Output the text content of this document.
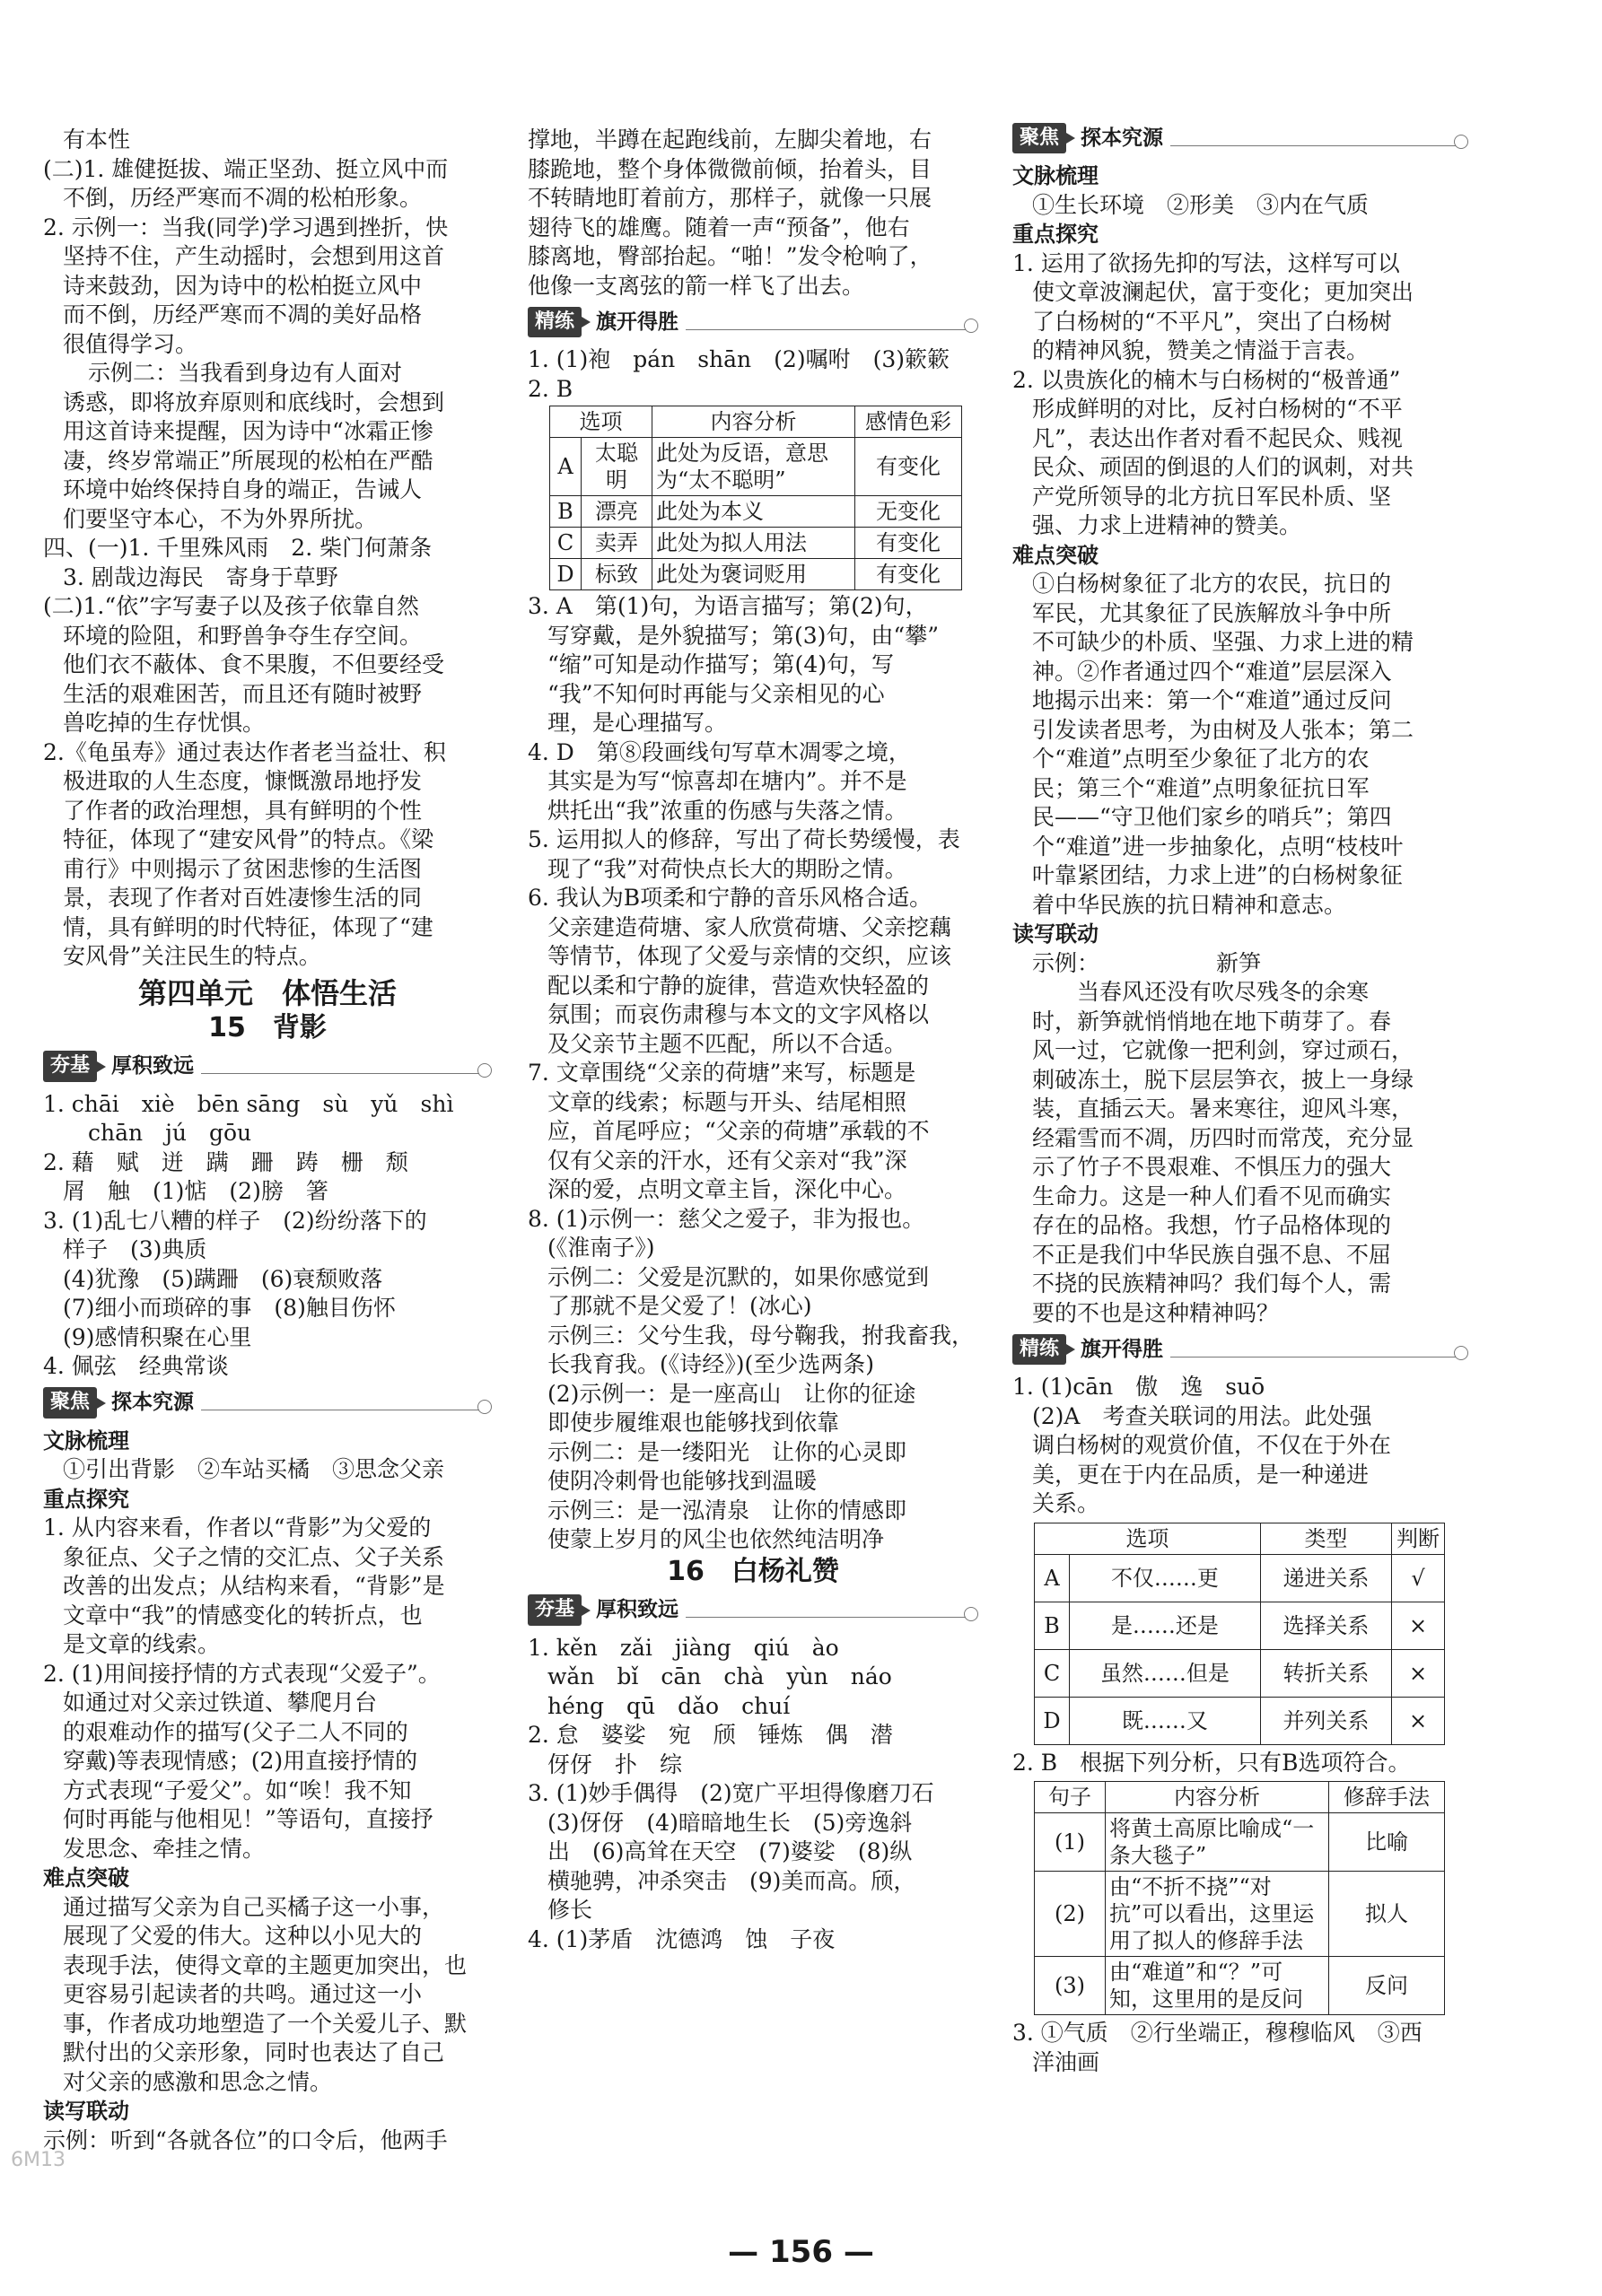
有本性

(二)1. 雄健挺拔、端正坚劲、挺立风中而

不倒，历经严寒而不凋的松柏形象。

2. 示例一：当我(同学)学习遇到挫折，快

坚持不住，产生动摇时，会想到用这首

诗来鼓劲，因为诗中的松柏挺立风中

而不倒，历经严寒而不凋的美好品格

很值得学习。

示例二：当我看到身边有人面对

诱惑，即将放弃原则和底线时，会想到

用这首诗来提醒，因为诗中“冰霜正惨

凄，终岁常端正”所展现的松柏在严酷

环境中始终保持自身的端正，告诫人

们要坚守本心，不为外界所扰。

四、(一)1. 千里殊风雨　2. 柴门何萧条

3. 剧哉边海民　寄身于草野

(二)1.“依”字写妻子以及孩子依靠自然

环境的险阻，和野兽争夺生存空间。

他们衣不蔽体、食不果腹，不但要经受

生活的艰难困苦，而且还有随时被野

兽吃掉的生存忧惧。

2.《龟虽寿》通过表达作者老当益壮、积

极进取的人生态度，慷慨激昂地抒发

了作者的政治理想，具有鲜明的个性

特征，体现了“建安风骨”的特点。《梁

甫行》中则揭示了贫困悲惨的生活图

景，表现了作者对百姓凄惨生活的同

情，具有鲜明的时代特征，体现了“建

安风骨”关注民生的特点。

第四单元　体悟生活

15　背影

夯基	厚积致远

1. chāi　xiè　bēn sāng　sù　yǔ　shì

chān　jú　gōu

2. 藉　赋　迸　蹒　跚　踌　栅　颓

屑　触　(1)惦　(2)膀　箸

3. (1)乱七八糟的样子　(2)纷纷落下的

样子　(3)典质

(4)犹豫　(5)蹒跚　(6)衰颓败落

(7)细小而琐碎的事　(8)触目伤怀

(9)感情积聚在心里

4. 佩弦　经典常谈

聚焦	探本究源

文脉梳理

①引出背影　②车站买橘　③思念父亲

重点探究

1. 从内容来看，作者以“背影”为父爱的

象征点、父子之情的交汇点、父子关系

改善的出发点；从结构来看，“背影”是

文章中“我”的情感变化的转折点，也

是文章的线索。

2. (1)用间接抒情的方式表现“父爱子”。

如通过对父亲过铁道、攀爬月台

的艰难动作的描写(父子二人不同的

穿戴)等表现情感；(2)用直接抒情的

方式表现“子爱父”。如“唉！我不知

何时再能与他相见！”等语句，直接抒

发思念、牵挂之情。

难点突破

通过描写父亲为自己买橘子这一小事，

展现了父爱的伟大。这种以小见大的

表现手法，使得文章的主题更加突出，也

更容易引起读者的共鸣。通过这一小

事，作者成功地塑造了一个关爱儿子、默

默付出的父亲形象，同时也表达了自己

对父亲的感激和思念之情。

读写联动

示例：听到“各就各位”的口令后，他两手

撑地，半蹲在起跑线前，左脚尖着地，右

膝跪地，整个身体微微前倾，抬着头，目

不转睛地盯着前方，那样子，就像一只展

翅待飞的雄鹰。随着一声“预备”，他右

膝离地，臀部抬起。“啪！”发令枪响了，

他像一支离弦的箭一样飞了出去。

精练	旗开得胜

1. (1)袍　pán　shān　(2)嘱咐　(3)簌簌

2. B

选项		内容分析	感情色彩
A	太聪明	此处为反语，意思为“太不聪明”	有变化
B	漂亮	此处为本义	无变化
C	卖弄	此处为拟人用法	有变化
D	标致	此处为褒词贬用	有变化

3. A　第(1)句，为语言描写；第(2)句，

写穿戴，是外貌描写；第(3)句，由“攀”

“缩”可知是动作描写；第(4)句，写

“我”不知何时再能与父亲相见的心

理，是心理描写。

4. D　第⑧段画线句写草木凋零之境，

其实是为写“惊喜却在塘内”。并不是

烘托出“我”浓重的伤感与失落之情。

5. 运用拟人的修辞，写出了荷长势缓慢，表

现了“我”对荷快点长大的期盼之情。

6. 我认为B项柔和宁静的音乐风格合适。

父亲建造荷塘、家人欣赏荷塘、父亲挖藕

等情节，体现了父爱与亲情的交织，应该

配以柔和宁静的旋律，营造欢快轻盈的

氛围；而哀伤肃穆与本文的文字风格以

及父亲节主题不匹配，所以不合适。

7. 文章围绕“父亲的荷塘”来写，标题是

文章的线索；标题与开头、结尾相照

应，首尾呼应；“父亲的荷塘”承载的不

仅有父亲的汗水，还有父亲对“我”深

深的爱，点明文章主旨，深化中心。

8. (1)示例一：慈父之爱子，非为报也。

(《淮南子》)

示例二：父爱是沉默的，如果你感觉到

了那就不是父爱了！(冰心)

示例三：父兮生我，母兮鞠我，拊我畜我，

长我育我。(《诗经》)(至少选两条)

(2)示例一：是一座高山　让你的征途

即使步履维艰也能够找到依靠

示例二：是一缕阳光　让你的心灵即

使阴冷刺骨也能够找到温暖

示例三：是一泓清泉　让你的情感即

使蒙上岁月的风尘也依然纯洁明净

16　白杨礼赞

夯基	厚积致远

1. kěn　zǎi　jiàng　qiú　ào

wǎn　bǐ　cān　chà　yùn　náo

héng　qū　dǎo　chuí

2. 怠　婆娑　宛　颀　锤炼　偶　潜

伢伢　扑　综

3. (1)妙手偶得　(2)宽广平坦得像磨刀石

(3)伢伢　(4)暗暗地生长　(5)旁逸斜

出　(6)高耸在天空　(7)婆娑　(8)纵

横驰骋，冲杀突击　(9)美而高。颀，

修长

4. (1)茅盾　沈德鸿　蚀　子夜

聚焦	探本究源

文脉梳理

①生长环境　②形美　③内在气质

重点探究

1. 运用了欲扬先抑的写法，这样写可以

使文章波澜起伏，富于变化；更加突出

了白杨树的“不平凡”，突出了白杨树

的精神风貌，赞美之情溢于言表。

2. 以贵族化的楠木与白杨树的“极普通”

形成鲜明的对比，反衬白杨树的“不平

凡”，表达出作者对看不起民众、贱视

民众、顽固的倒退的人们的讽刺，对共

产党所领导的北方抗日军民朴质、坚

强、力求上进精神的赞美。

难点突破

①白杨树象征了北方的农民，抗日的

军民，尤其象征了民族解放斗争中所

不可缺少的朴质、坚强、力求上进的精

神。②作者通过四个“难道”层层深入

地揭示出来：第一个“难道”通过反问

引发读者思考，为由树及人张本；第二

个“难道”点明至少象征了北方的农

民；第三个“难道”点明象征抗日军

民——“守卫他们家乡的哨兵”；第四

个“难道”进一步抽象化，点明“枝枝叶

叶靠紧团结，力求上进”的白杨树象征

着中华民族的抗日精神和意志。

读写联动

示例：	新笋

当春风还没有吹尽残冬的余寒

时，新笋就悄悄地在地下萌芽了。春

风一过，它就像一把利剑，穿过顽石，

刺破冻土，脱下层层笋衣，披上一身绿

装，直插云天。暑来寒往，迎风斗寒，

经霜雪而不凋，历四时而常茂，充分显

示了竹子不畏艰难、不惧压力的强大

生命力。这是一种人们看不见而确实

存在的品格。我想，竹子品格体现的

不正是我们中华民族自强不息、不屈

不挠的民族精神吗？我们每个人，需

要的不也是这种精神吗？

精练	旗开得胜

1. (1)cān　傲　逸　suō

(2)A　考查关联词的用法。此处强

调白杨树的观赏价值，不仅在于外在

美，更在于内在品质，是一种递进

关系。

选项		类型	判断
A	不仅……更	递进关系	√
B	是……还是	选择关系	×
C	虽然……但是	转折关系	×
D	既……又	并列关系	×

2. B　根据下列分析，只有B选项符合。

句子	内容分析	修辞手法
(1)	将黄土高原比喻成“一条大毯子”	比喻
(2)	由“不折不挠”“对抗”可以看出，这里运用了拟人的修辞手法	拟人
(3)	由“难道”和“？”可知，这里用的是反问	反问

3. ①气质　②行坐端正，穆穆临风　③西

洋油画

6M13
— 156 —
